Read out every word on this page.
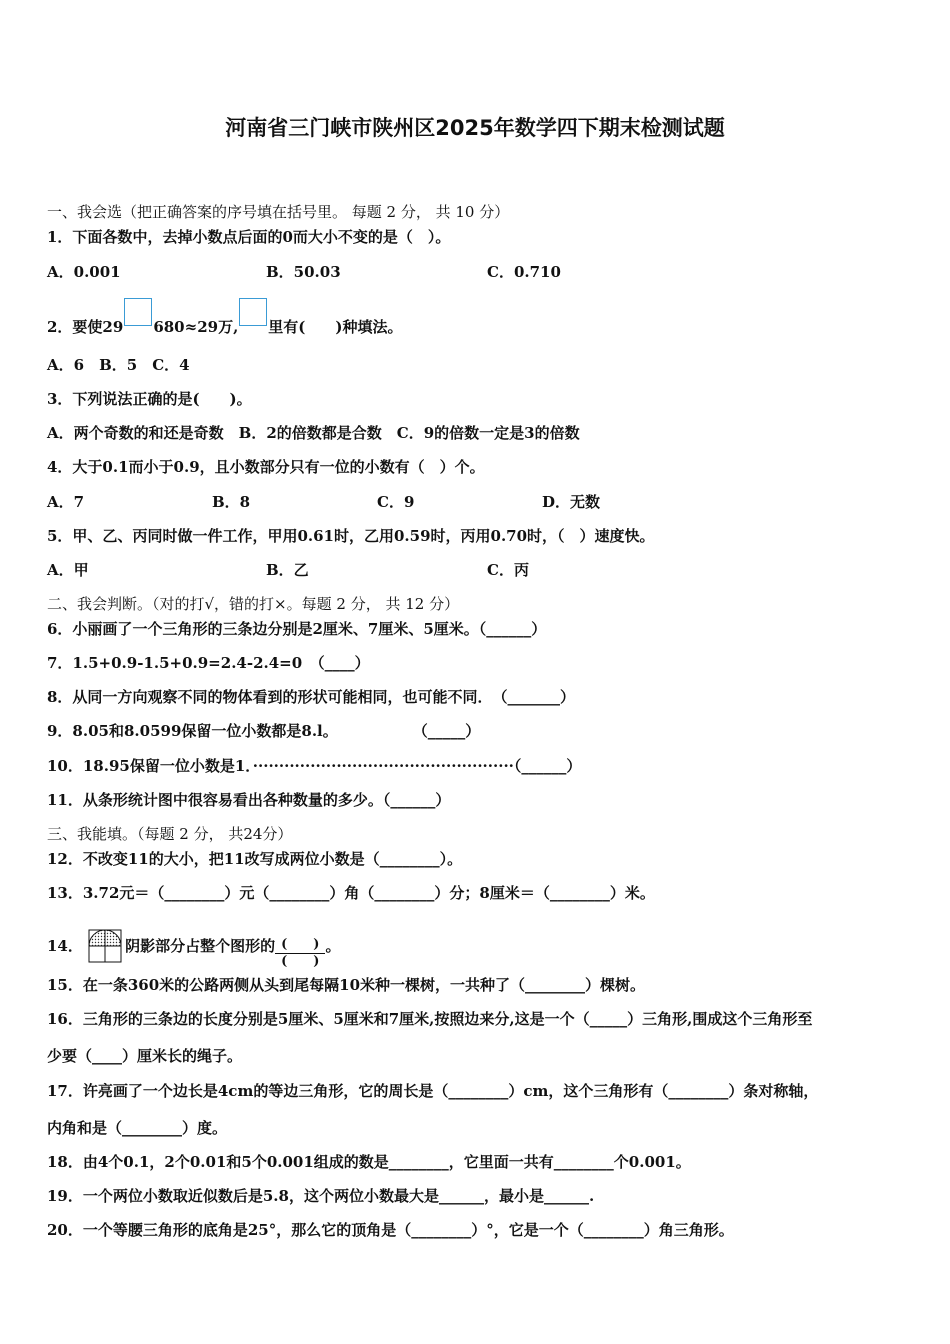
河南省三门峡市陕州区2025年数学四下期末检测试题
一、我会选（把正确答案的序号填在括号里。 每题 2 分， 共 10 分）
1．下面各数中，去掉小数点后面的0而大小不变的是（　）。
A．0.001	B．50.03	C．0.710
2．要使29 680≈29万, 里有(　　)种填法。
A．6　B．5　C．4
3．下列说法正确的是(　　)。
A．两个奇数的和还是奇数　B．2的倍数都是合数　C．9的倍数一定是3的倍数
4．大于0.1而小于0.9，且小数部分只有一位的小数有（　）个。
A．7	B．8	C．9	D．无数
5．甲、乙、丙同时做一件工作，甲用0.61时，乙用0.59时，丙用0.70时，（　）速度快。
A．甲	B．乙	C．丙
二、我会判断。（对的打√，错的打×。每题 2 分， 共 12 分）
6．小丽画了一个三角形的三条边分别是2厘米、7厘米、5厘米。（______）
7．1.5+0.9-1.5+0.9=2.4-2.4=0　（____）
8．从同一方向观察不同的物体看到的形状可能相同，也可能不同．　（_______）
9．8.05和8.0599保留一位小数都是8.l。　　　　　　（_____）
10．18.95保留一位小数是1．··················································（______）
11．从条形统计图中很容易看出各种数量的多少。（______）
三、我能填。（每题 2 分， 共24分）
12．不改变11的大小，把11改写成两位小数是（________）。
13．3.72元＝（________）元（________）角（________）分；8厘米＝（________）米。
14．	阴影部分占整个图形的 $\frac{( )}{( )}$ 。
15．在一条360米的公路两侧从头到尾每隔10米种一棵树，一共种了（________）棵树。
16．三角形的三条边的长度分别是5厘米、5厘米和7厘米,按照边来分,这是一个（_____）三角形,围成这个三角形至
少要（____）厘米长的绳子。
17．许亮画了一个边长是4cm的等边三角形，它的周长是（________）cm，这个三角形有（________）条对称轴，
内角和是（________）度。
18．由4个0.1，2个0.01和5个0.001组成的数是________，它里面一共有________个0.001。
19．一个两位小数取近似数后是5.8，这个两位小数最大是______，最小是______.
20．一个等腰三角形的底角是25°，那么它的顶角是（________）°，它是一个（________）角三角形。
